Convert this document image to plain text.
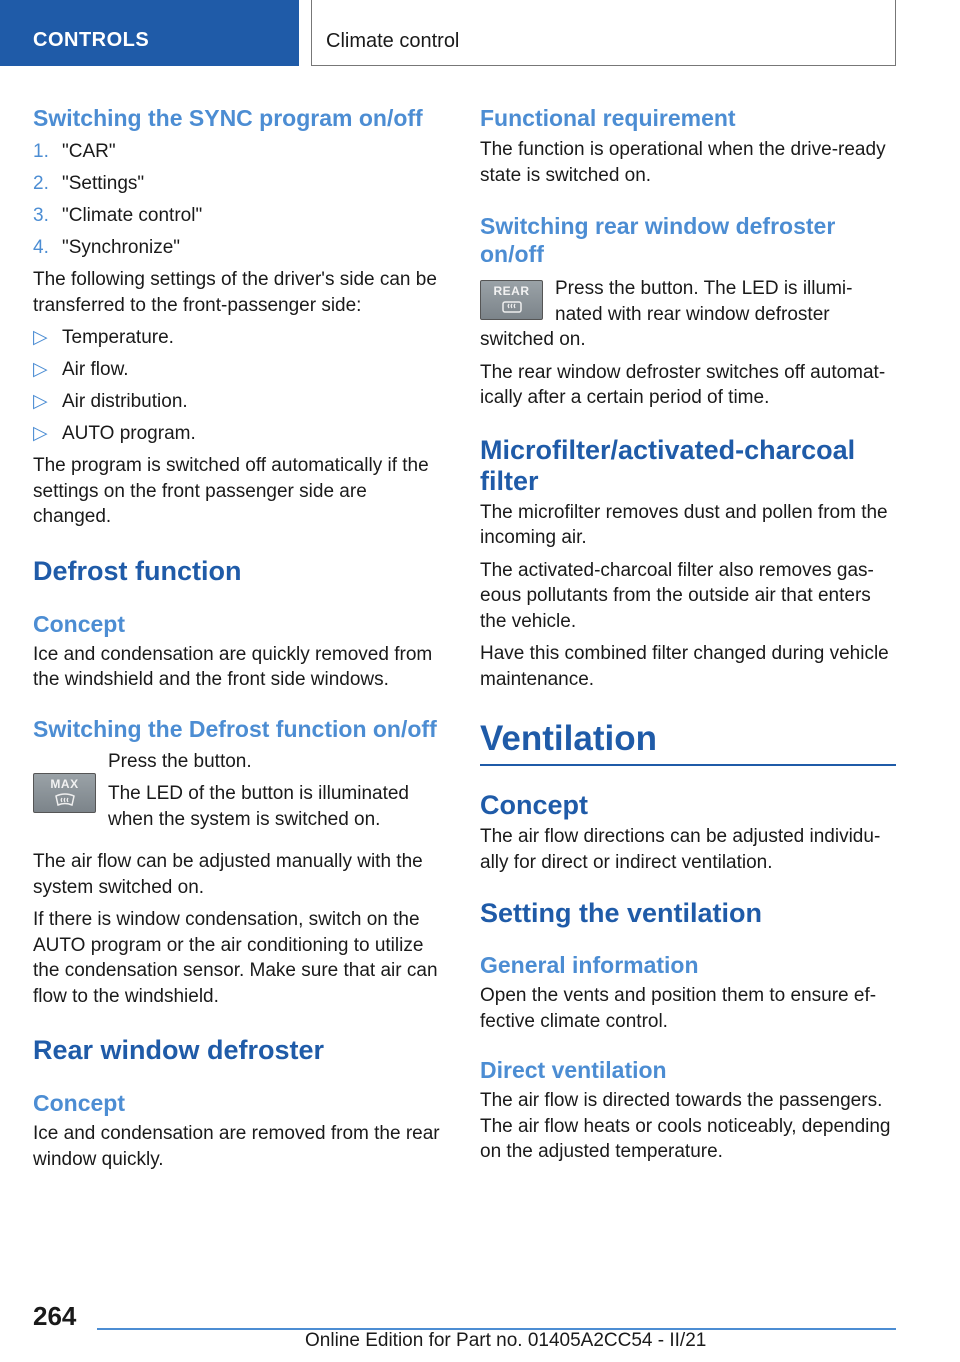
CONTROLS	Climate control
Switching the SYNC program on/off
1. "CAR"
2. "Settings"
3. "Climate control"
4. "Synchronize"

The following settings of the driver's side can be transferred to the front-passenger side:

▷ Temperature.
▷ Air flow.
▷ Air distribution.
▷ AUTO program.

The program is switched off automatically if the settings on the front passenger side are changed.

Defrost function
Concept

Ice and condensation are quickly removed from the windshield and the front side windows.

Switching the Defrost function on/off
MAX

Press the button.

The LED of the button is illuminated when the system is switched on.

The air flow can be adjusted manually with the system switched on.

If there is window condensation, switch on the AUTO program or the air conditioning to utilize the condensation sensor. Make sure that air can flow to the windshield.

Rear window defroster
Concept

Ice and condensation are removed from the rear window quickly.

Functional requirement

The function is operational when the drive-ready state is switched on.

Switching rear window defroster on/off
REAR	Press the button. The LED is illumi‐nated with rear window defroster switched on.

The rear window defroster switches off automat‐ically after a certain period of time.

Microfilter/activated-charcoal filter

The microfilter removes dust and pollen from the incoming air.

The activated-charcoal filter also removes gas‐eous pollutants from the outside air that enters the vehicle.

Have this combined filter changed during vehicle maintenance.

Ventilation
Concept

The air flow directions can be adjusted individu‐ally for direct or indirect ventilation.

Setting the ventilation
General information

Open the vents and position them to ensure ef‐fective climate control.

Direct ventilation

The air flow is directed towards the passengers. The air flow heats or cools noticeably, depending on the adjusted temperature.

264
Online Edition for Part no. 01405A2CC54 - II/21
